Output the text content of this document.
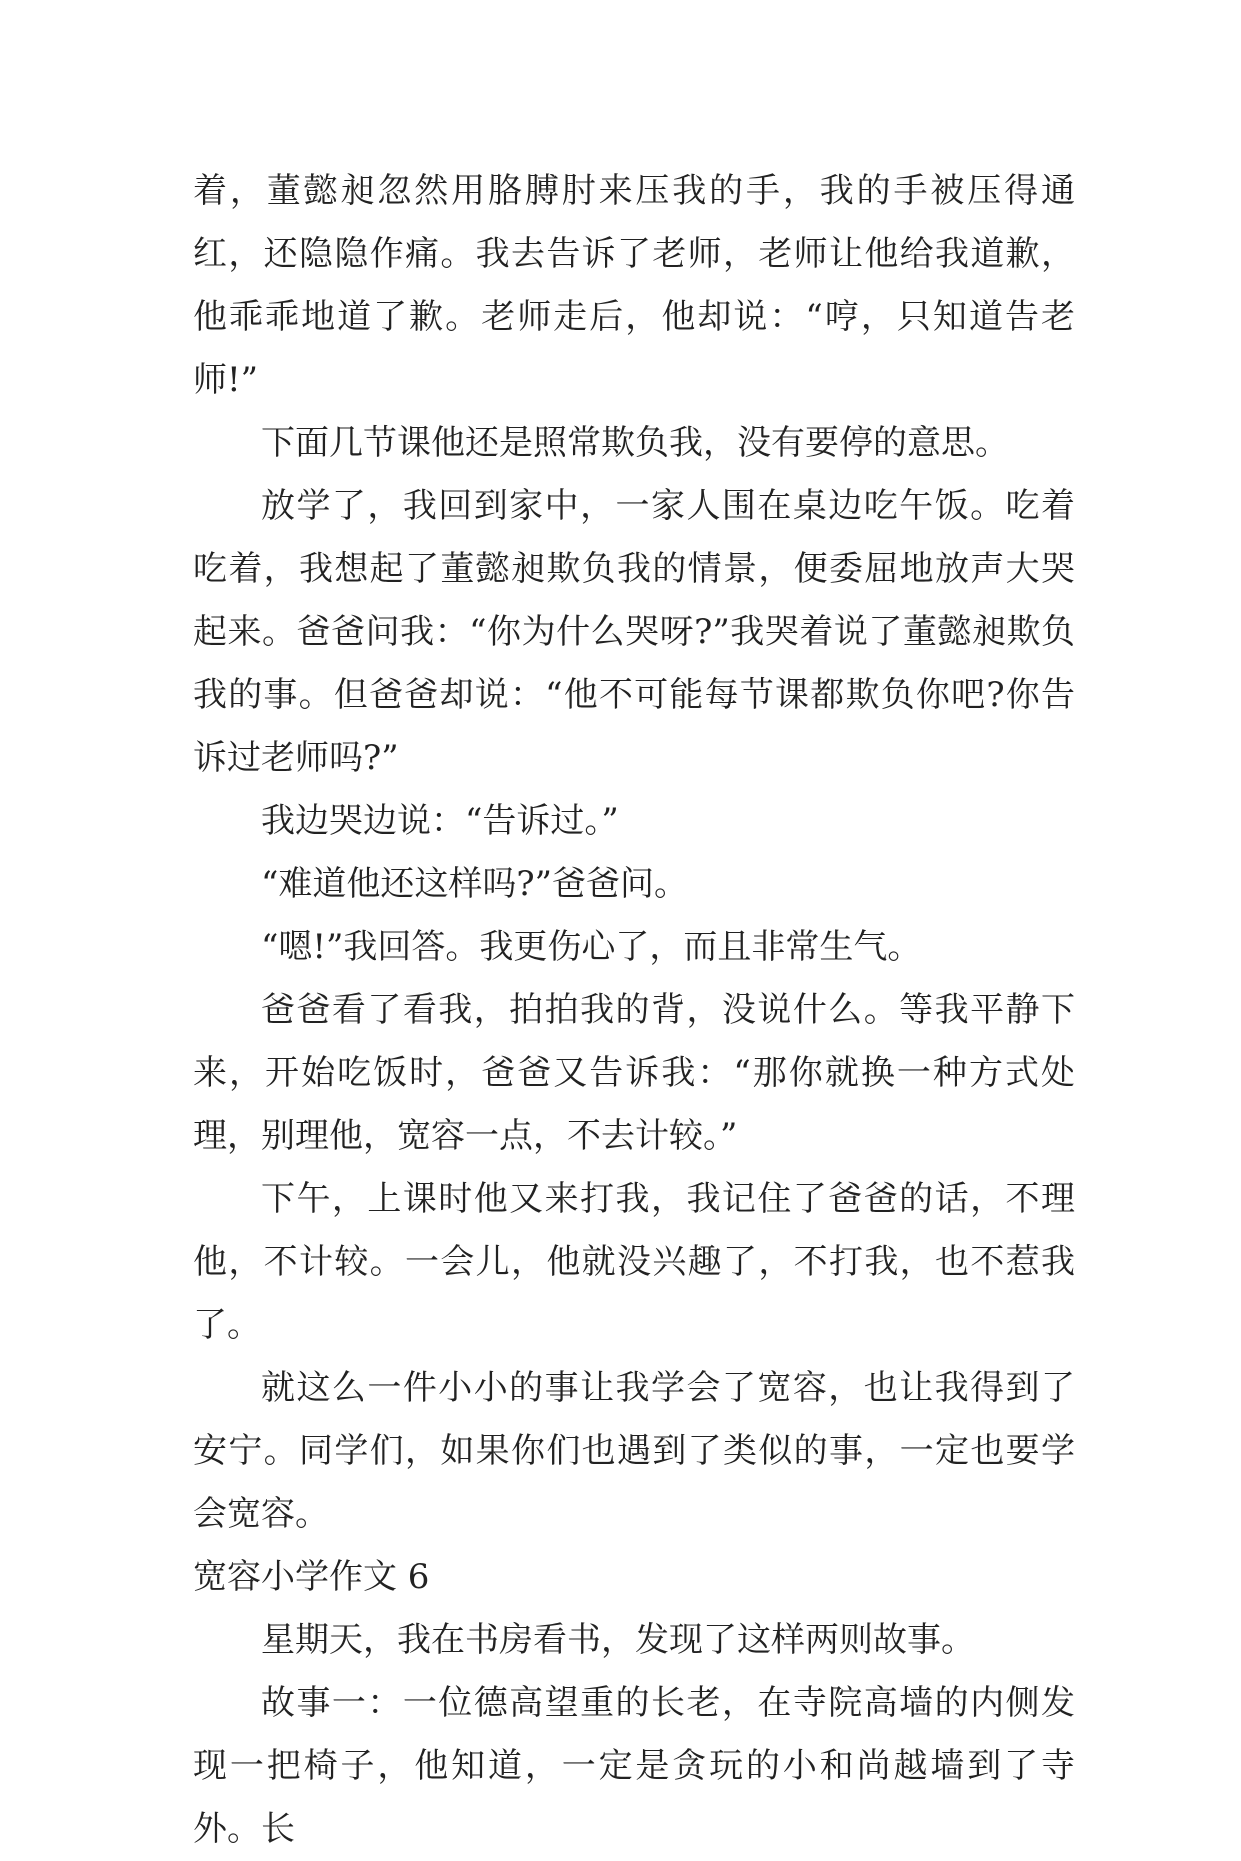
着，董懿昶忽然用胳膊肘来压我的手，我的手被压得通红，还隐隐作痛。我去告诉了老师，老师让他给我道歉，他乖乖地道了歉。老师走后，他却说：“哼，只知道告老师!”

下面几节课他还是照常欺负我，没有要停的意思。

放学了，我回到家中，一家人围在桌边吃午饭。吃着吃着，我想起了董懿昶欺负我的情景，便委屈地放声大哭起来。爸爸问我：“你为什么哭呀?”我哭着说了董懿昶欺负我的事。但爸爸却说：“他不可能每节课都欺负你吧?你告诉过老师吗?”

我边哭边说：“告诉过。”

“难道他还这样吗?”爸爸问。

“嗯!”我回答。我更伤心了，而且非常生气。

爸爸看了看我，拍拍我的背，没说什么。等我平静下来，开始吃饭时，爸爸又告诉我：“那你就换一种方式处理，别理他，宽容一点，不去计较。”

下午，上课时他又来打我，我记住了爸爸的话，不理他，不计较。一会儿，他就没兴趣了，不打我，也不惹我了。

就这么一件小小的事让我学会了宽容，也让我得到了安宁。同学们，如果你们也遇到了类似的事，一定也要学会宽容。

宽容小学作文 6

星期天，我在书房看书，发现了这样两则故事。

故事一：一位德高望重的长老，在寺院高墙的内侧发现一把椅子，他知道，一定是贪玩的小和尚越墙到了寺外。长
